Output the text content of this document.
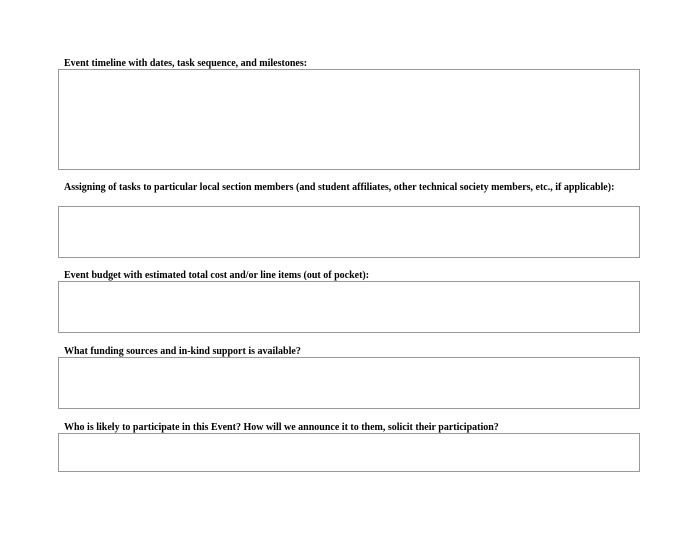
Event timeline with dates, task sequence, and milestones:
Assigning of tasks to particular local section members (and student affiliates, other technical society members, etc., if applicable):
Event budget with estimated total cost and/or line items (out of pocket):
What funding sources and in-kind support is available?
Who is likely to participate in this Event? How will we announce it to them, solicit their participation?
